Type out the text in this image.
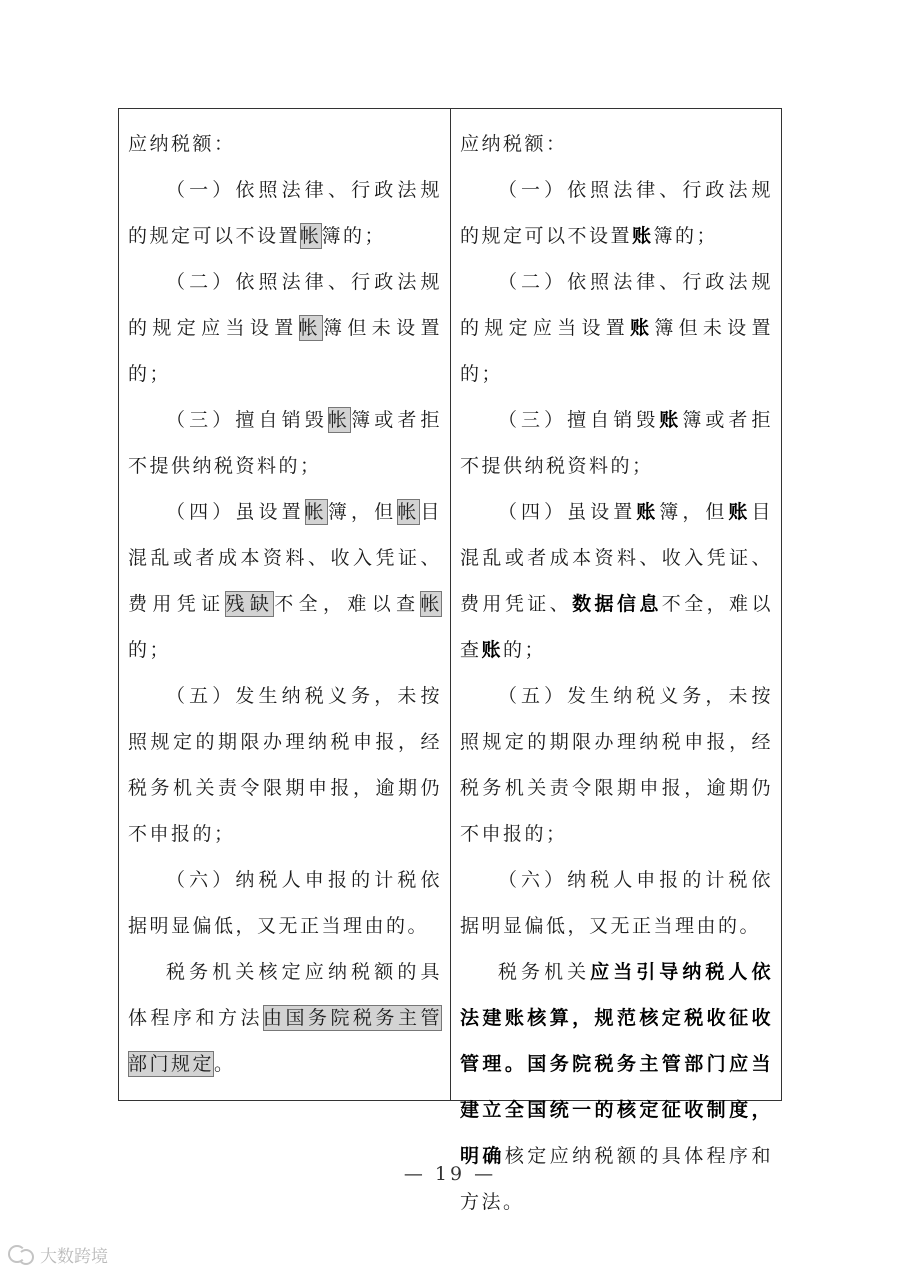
应纳税额：

（一）依照法律、行政法规的规定可以不设置帐簿的；

（二）依照法律、行政法规的规定应当设置帐簿但未设置的；

（三）擅自销毁帐簿或者拒不提供纳税资料的；

（四）虽设置帐簿，但帐目混乱或者成本资料、收入凭证、费用凭证残缺不全，难以查帐的；

（五）发生纳税义务，未按照规定的期限办理纳税申报，经税务机关责令限期申报，逾期仍不申报的；

（六）纳税人申报的计税依据明显偏低，又无正当理由的。

税务机关核定应纳税额的具体程序和方法由国务院税务主管部门规定。

应纳税额：

（一）依照法律、行政法规的规定可以不设置账簿的；

（二）依照法律、行政法规的规定应当设置账簿但未设置的；

（三）擅自销毁账簿或者拒不提供纳税资料的；

（四）虽设置账簿，但账目混乱或者成本资料、收入凭证、费用凭证、数据信息不全，难以查账的；

（五）发生纳税义务，未按照规定的期限办理纳税申报，经税务机关责令限期申报，逾期仍不申报的；

（六）纳税人申报的计税依据明显偏低，又无正当理由的。

税务机关应当引导纳税人依法建账核算，规范核定税收征收管理。国务院税务主管部门应当建立全国统一的核定征收制度，明确核定应纳税额的具体程序和方法。

— 19 —
大数跨境
